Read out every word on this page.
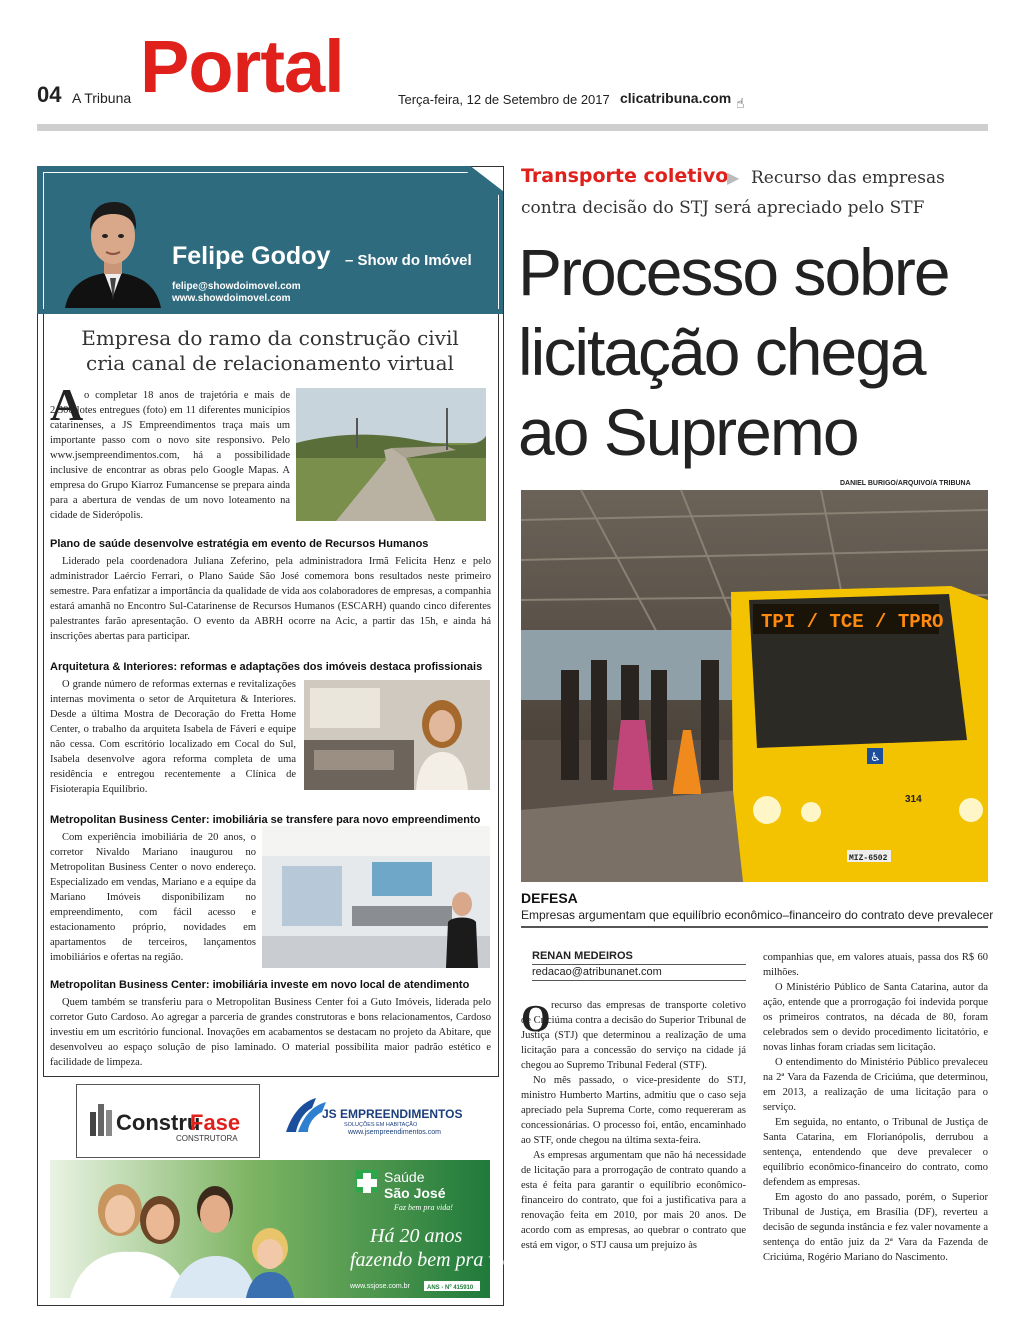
04 A Tribuna Portal	Terça-feira, 12 de Setembro de 2017 clicatribuna.com ☝
Felipe Godoy – Show do Imóvel
felipe@showdoimovel.com
www.showdoimovel.com
Empresa do ramo da construção civil cria canal de relacionamento virtual
A o completar 18 anos de trajetória e mais de 2.300 lotes entregues (foto) em 11 diferentes municípios catarinenses, a JS Empreendimentos traça mais um importante passo com o novo site responsivo. Pelo www.jsempreendimentos.com, há a possibilidade inclusive de encontrar as obras pelo Google Mapas. A empresa do Grupo Kiarroz Fumancense se prepara ainda para a abertura de vendas de um novo loteamento na cidade de Siderópolis.
Plano de saúde desenvolve estratégia em evento de Recursos Humanos
Liderado pela coordenadora Juliana Zeferino, pela administradora Irmã Felicita Henz e pelo administrador Laércio Ferrari, o Plano Saúde São José comemora bons resultados neste primeiro semestre. Para enfatizar a importância da qualidade de vida aos colaboradores de empresas, a companhia estará amanhã no Encontro Sul-Catarinense de Recursos Humanos (ESCARH) quando cinco diferentes palestrantes farão apresentação. O evento da ABRH ocorre na Acic, a partir das 15h, e ainda há inscrições abertas para participar.
Arquitetura & Interiores: reformas e adaptações dos imóveis destaca profissionais
O grande número de reformas externas e revitalizações internas movimenta o setor de Arquitetura & Interiores. Desde a última Mostra de Decoração do Fretta Home Center, o trabalho da arquiteta Isabela de Fáveri e equipe não cessa. Com escritório localizado em Cocal do Sul, Isabela desenvolve agora reforma completa de uma residência e entregou recentemente a Clínica de Fisioterapia Equilíbrio.
Metropolitan Business Center: imobiliária se transfere para novo empreendimento
Com experiência imobiliária de 20 anos, o corretor Nivaldo Mariano inaugurou no Metropolitan Business Center o novo endereço. Especializado em vendas, Mariano e a equipe da Mariano Imóveis disponibilizam no empreendimento, com fácil acesso e estacionamento próprio, novidades em apartamentos de terceiros, lançamentos imobiliários e ofertas na região.
Metropolitan Business Center: imobiliária investe em novo local de atendimento
Quem também se transferiu para o Metropolitan Business Center foi a Guto Imóveis, liderada pelo corretor Guto Cardoso. Ao agregar a parceria de grandes construtoras e bons relacionamentos, Cardoso investiu em um escritório funcional. Inovações em acabamentos se destacam no projeto da Abitare, que desenvolveu ao espaço solução de piso laminado. O material possibilita maior padrão estético e facilidade de limpeza.
Constru
Fase
CONSTRUTORA
JS EMPREENDIMENTOS
SOLUÇÕES EM HABITAÇÃO
www.jsempreendimentos.com
Saúde
São José
Faz bem pra vida!
Há 20 anos
fazendo bem pra vida!
www.ssjose.com.br	ANS - Nº 415910
Transporte coletivo
▶ Recurso das empresas
contra decisão do STJ será apreciado pelo STF
Processo sobre licitação chega ao Supremo
DANIEL BURIGO/ARQUIVO/A TRIBUNA
TPI / TCE / TPRO
♿
314
MIZ-6502
DEFESA
Empresas argumentam que equilíbrio econômico–financeiro do contrato deve prevalecer
RENAN MEDEIROS
redacao@atribunanet.com
O recurso das empresas de transporte coletivo de Criciúma contra a decisão do Superior Tribunal de Justiça (STJ) que determinou a realização de uma licitação para a concessão do serviço na cidade já chegou ao Supremo Tribunal Federal (STF).

No mês passado, o vice-presidente do STJ, ministro Humberto Martins, admitiu que o caso seja apreciado pela Suprema Corte, como requereram as concessionárias. O processo foi, então, encaminhado ao STF, onde chegou na última sexta-feira.

As empresas argumentam que não há necessidade de licitação para a prorrogação de contrato quando a esta é feita para garantir o equilíbrio econômico-financeiro do contrato, que foi a justificativa para a renovação feita em 2010, por mais 20 anos. De acordo com as empresas, ao quebrar o contrato que está em vigor, o STJ causa um prejuízo às

companhias que, em valores atuais, passa dos R$ 60 milhões.

O Ministério Público de Santa Catarina, autor da ação, entende que a prorrogação foi indevida porque os primeiros contratos, na década de 80, foram celebrados sem o devido procedimento licitatório, e novas linhas foram criadas sem licitação.

O entendimento do Ministério Público prevaleceu na 2ª Vara da Fazenda de Criciúma, que determinou, em 2013, a realização de uma licitação para o serviço.

Em seguida, no entanto, o Tribunal de Justiça de Santa Catarina, em Florianópolis, derrubou a sentença, entendendo que deve prevalecer o equilíbrio econômico-financeiro do contrato, como defendem as empresas.

Em agosto do ano passado, porém, o Superior Tribunal de Justiça, em Brasília (DF), reverteu a decisão de segunda instância e fez valer novamente a sentença do então juiz da 2ª Vara da Fazenda de Criciúma, Rogério Mariano do Nascimento.
